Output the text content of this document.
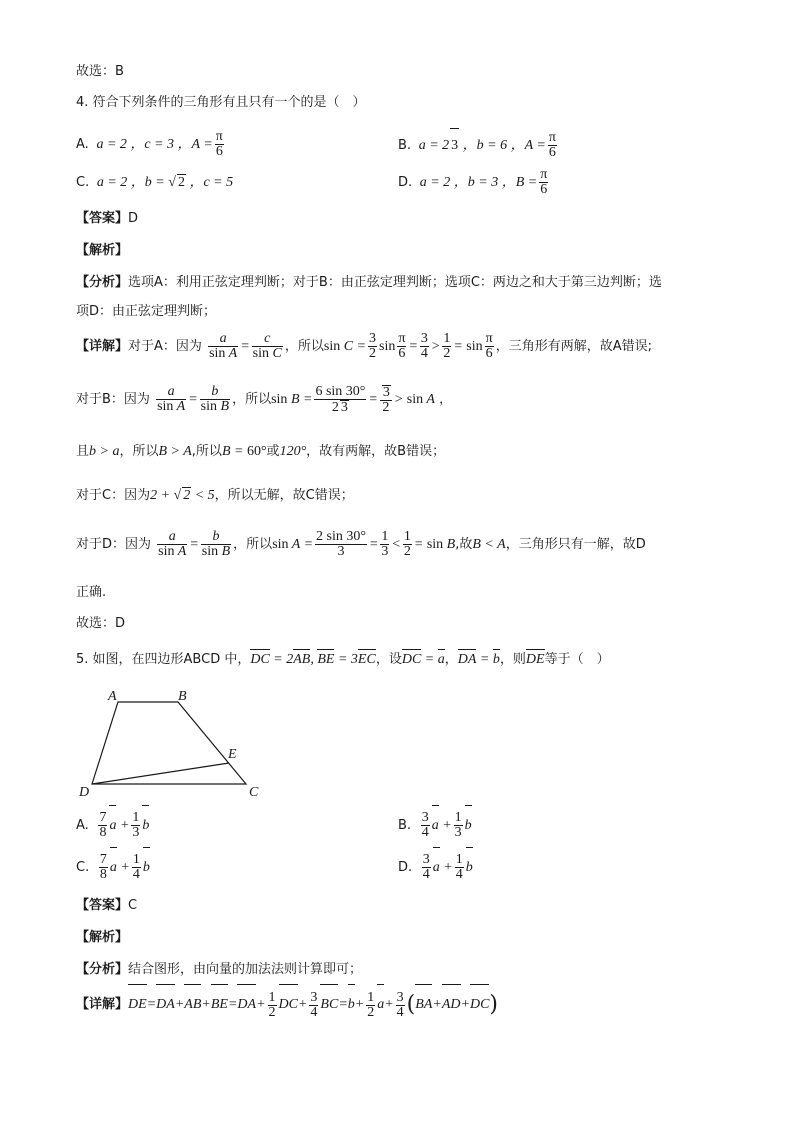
故选：B
4. 符合下列条件的三角形有且只有一个的是（　）
A.  a = 2 ，c = 3 ，$A = \frac{\pi}{6}$	B.  a = 2 3 ，b = 6 ，$A = \frac{\pi}{6}$
C.  a = 2 ，b = √ 2 ，c = 5	D.  a = 2 ，b = 3 ，$B = \frac{\pi}{6}$
【答案】D
【解析】
【分析】选项A：利用正弦定理判断；对于B：由正弦定理判断；选项C：两边之和大于第三边判断；选
项D：由正弦定理判断；
【详解】对于A：因为 $\frac{a}{\text{sin A}} = \frac{c}{\text{sin C}}$ ，所以$\sin C = \frac{3}{2}$ $\sin \frac{\pi}{6} = \frac{3}{4} > \frac{1}{2} = \sin \frac{\pi}{6}$ ，三角形有两解，故A错误;
对于B：因为 $\frac{a}{\text{sin A}} = \frac{b}{\text{sin B}}$ ，所以$\sin B = \frac{6 \sin 30^\circ}{2 3} = \frac{3}{2} > \sin A$ ，
且b > a，所以B > A,所以B = 60°或120°，故有两解，故B错误；
对于C：因为2 + √ 2 < 5，所以无解，故C错误；
对于D：因为 $\frac{a}{\text{sin A}} = \frac{b}{\text{sin B}}$ ，所以$\sin A = \frac{2 \sin 30^\circ}{3} = \frac{1}{3} < \frac{1}{2} = \sin B$,故B < A，三角形只有一解，故D
正确.
故选：D
5. 如图，在四边形ABCD 中，DC = 2AB, BE = 3EC，设DC = a，DA = b，则DE等于（　）
A	B
E
D	C
A. $\frac{7}{8}$ $a + \frac{1}{3}$ b	B. $\frac{3}{4}$ $a + \frac{1}{3}$ b
C. $\frac{7}{8}$ $a + \frac{1}{4}$ b	D. $\frac{3}{4}$ $a + \frac{1}{4}$ b
【答案】C
【解析】
【分析】结合图形，由向量的加法法则计算即可；
【详解】$DE=DA+AB+BE=DA+ \frac{1}{2} DC+ \frac{3}{4} BC=b+ \frac{1}{2} a+ \frac{3}{4} (BA+AD+DC)$
